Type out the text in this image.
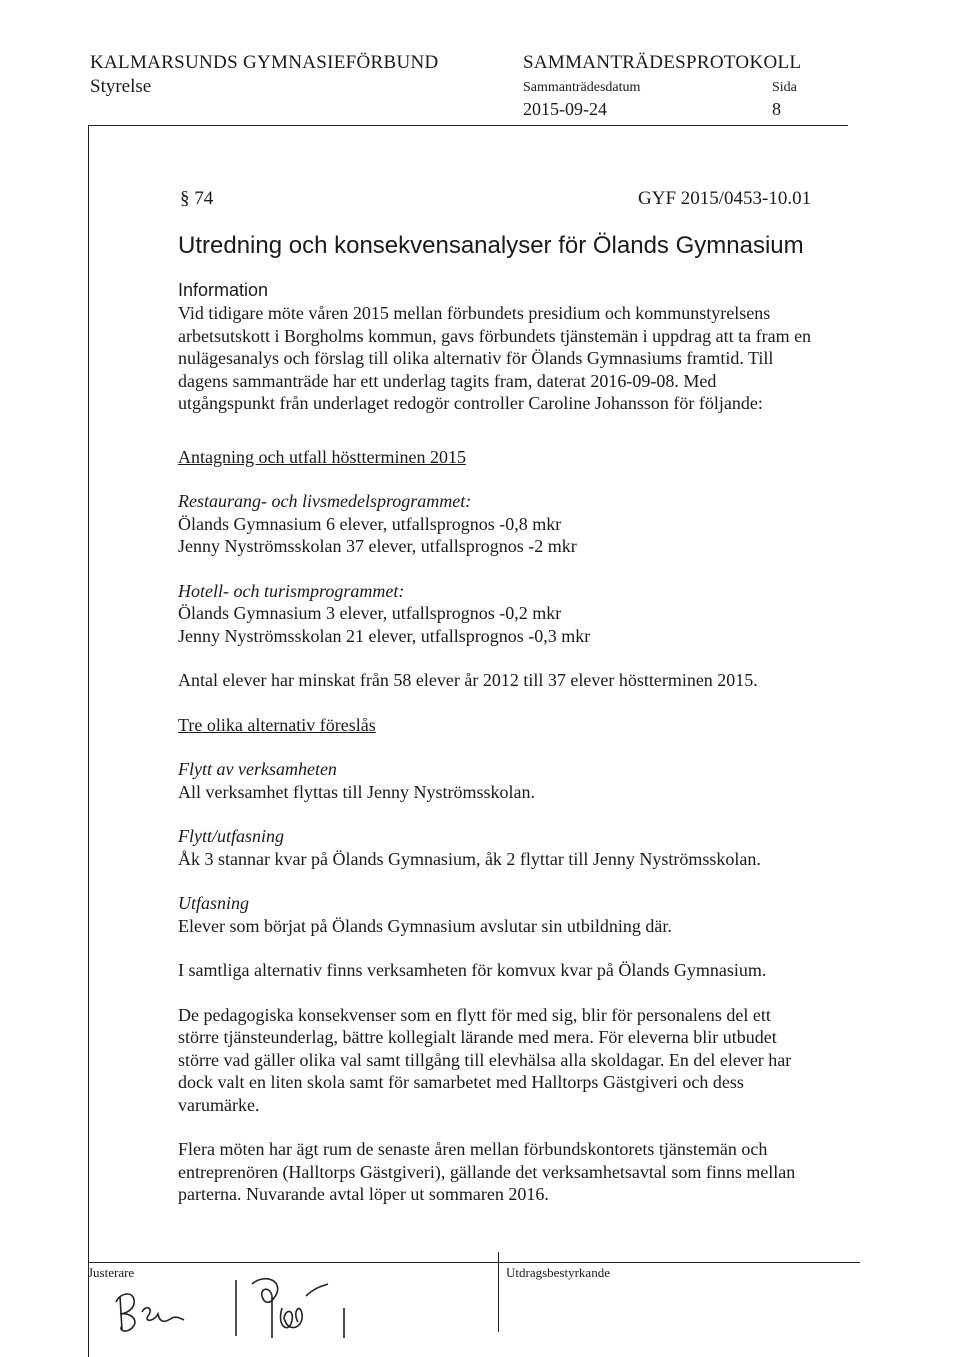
KALMARSUNDS GYMNASIEFÖRBUND
Styrelse
SAMMANTRÄDESPROTOKOLL
Sammanträdesdatum	Sida
2015-09-24	8
§ 74	GYF 2015/0453-10.01
Utredning och konsekvensanalyser för Ölands Gymnasium
Information

Vid tidigare möte våren 2015 mellan förbundets presidium och kommunstyrelsens

arbetsutskott i Borgholms kommun, gavs förbundets tjänstemän i uppdrag att ta fram en

nulägesanalys och förslag till olika alternativ för Ölands Gymnasiums framtid. Till

dagens sammanträde har ett underlag tagits fram, daterat 2016-09-08. Med

utgångspunkt från underlaget redogör controller Caroline Johansson för följande:

Antagning och utfall höstterminen 2015

Restaurang- och livsmedelsprogrammet:

Ölands Gymnasium 6 elever, utfallsprognos -0,8 mkr

Jenny Nyströmsskolan 37 elever, utfallsprognos -2 mkr

Hotell- och turismprogrammet:

Ölands Gymnasium 3 elever, utfallsprognos -0,2 mkr

Jenny Nyströmsskolan 21 elever, utfallsprognos -0,3 mkr

Antal elever har minskat från 58 elever år 2012 till 37 elever höstterminen 2015.

Tre olika alternativ föreslås

Flytt av verksamheten

All verksamhet flyttas till Jenny Nyströmsskolan.

Flytt/utfasning

Åk 3 stannar kvar på Ölands Gymnasium, åk 2 flyttar till Jenny Nyströmsskolan.

Utfasning

Elever som börjat på Ölands Gymnasium avslutar sin utbildning där.

I samtliga alternativ finns verksamheten för komvux kvar på Ölands Gymnasium.

De pedagogiska konsekvenser som en flytt för med sig, blir för personalens del ett

större tjänsteunderlag, bättre kollegialt lärande med mera. För eleverna blir utbudet

större vad gäller olika val samt tillgång till elevhälsa alla skoldagar. En del elever har

dock valt en liten skola samt för samarbetet med Halltorps Gästgiveri och dess

varumärke.

Flera möten har ägt rum de senaste åren mellan förbundskontorets tjänstemän och

entreprenören (Halltorps Gästgiveri), gällande det verksamhetsavtal som finns mellan

parterna. Nuvarande avtal löper ut sommaren 2016.

Justerare	Utdragsbestyrkande
